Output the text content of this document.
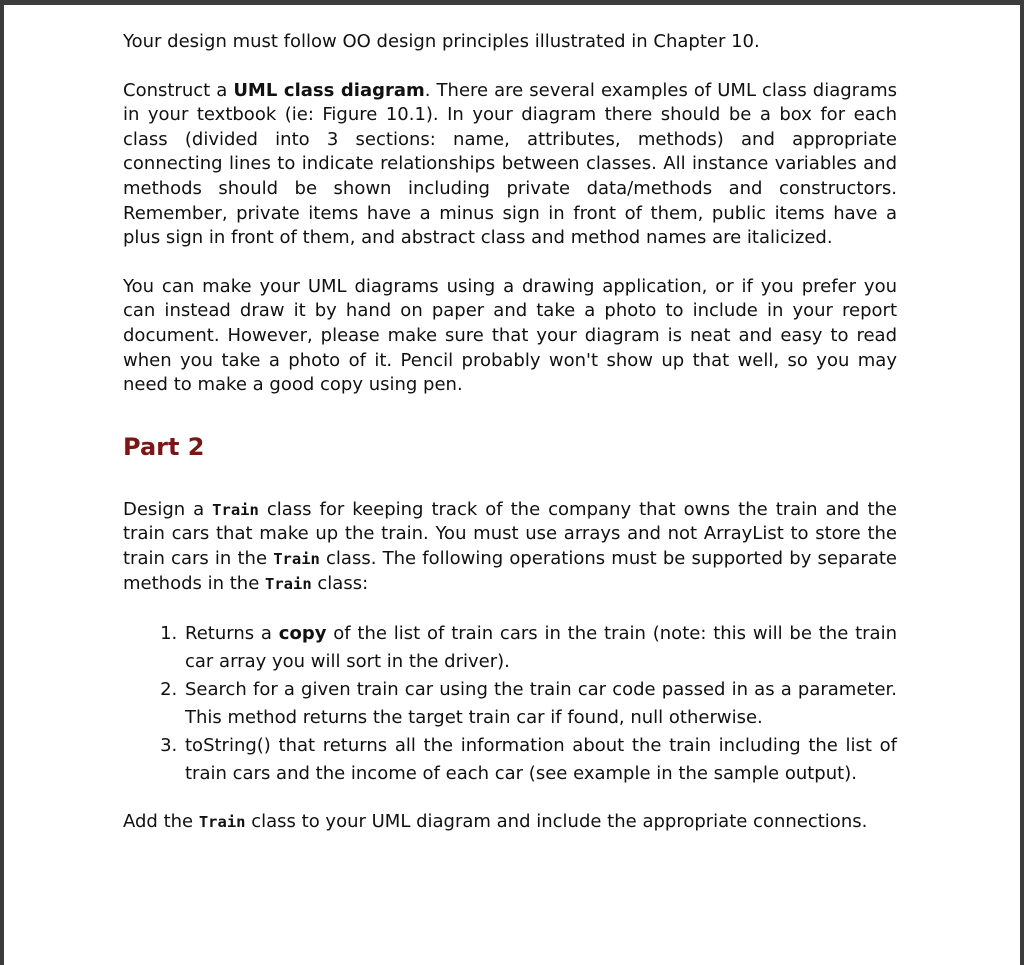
Your design must follow OO design principles illustrated in Chapter 10.

Construct a UML class diagram. There are several examples of UML class diagrams in your textbook (ie: Figure 10.1). In your diagram there should be a box for each class (divided into 3 sections: name, attributes, methods) and appropriate connecting lines to indicate relationships between classes. All instance variables and methods should be shown including private data/methods and constructors. Remember, private items have a minus sign in front of them, public items have a plus sign in front of them, and abstract class and method names are italicized.

You can make your UML diagrams using a drawing application, or if you prefer you can instead draw it by hand on paper and take a photo to include in your report document. However, please make sure that your diagram is neat and easy to read when you take a photo of it. Pencil probably won't show up that well, so you may need to make a good copy using pen.

Part 2

Design a Train class for keeping track of the company that owns the train and the train cars that make up the train. You must use arrays and not ArrayList to store the train cars in the Train class. The following operations must be supported by separate methods in the Train class:

1. Returns a copy of the list of train cars in the train (note: this will be the train car array you will sort in the driver).
2. Search for a given train car using the train car code passed in as a parameter. This method returns the target train car if found, null otherwise.
3. toString() that returns all the information about the train including the list of train cars and the income of each car (see example in the sample output).

Add the Train class to your UML diagram and include the appropriate connections.
